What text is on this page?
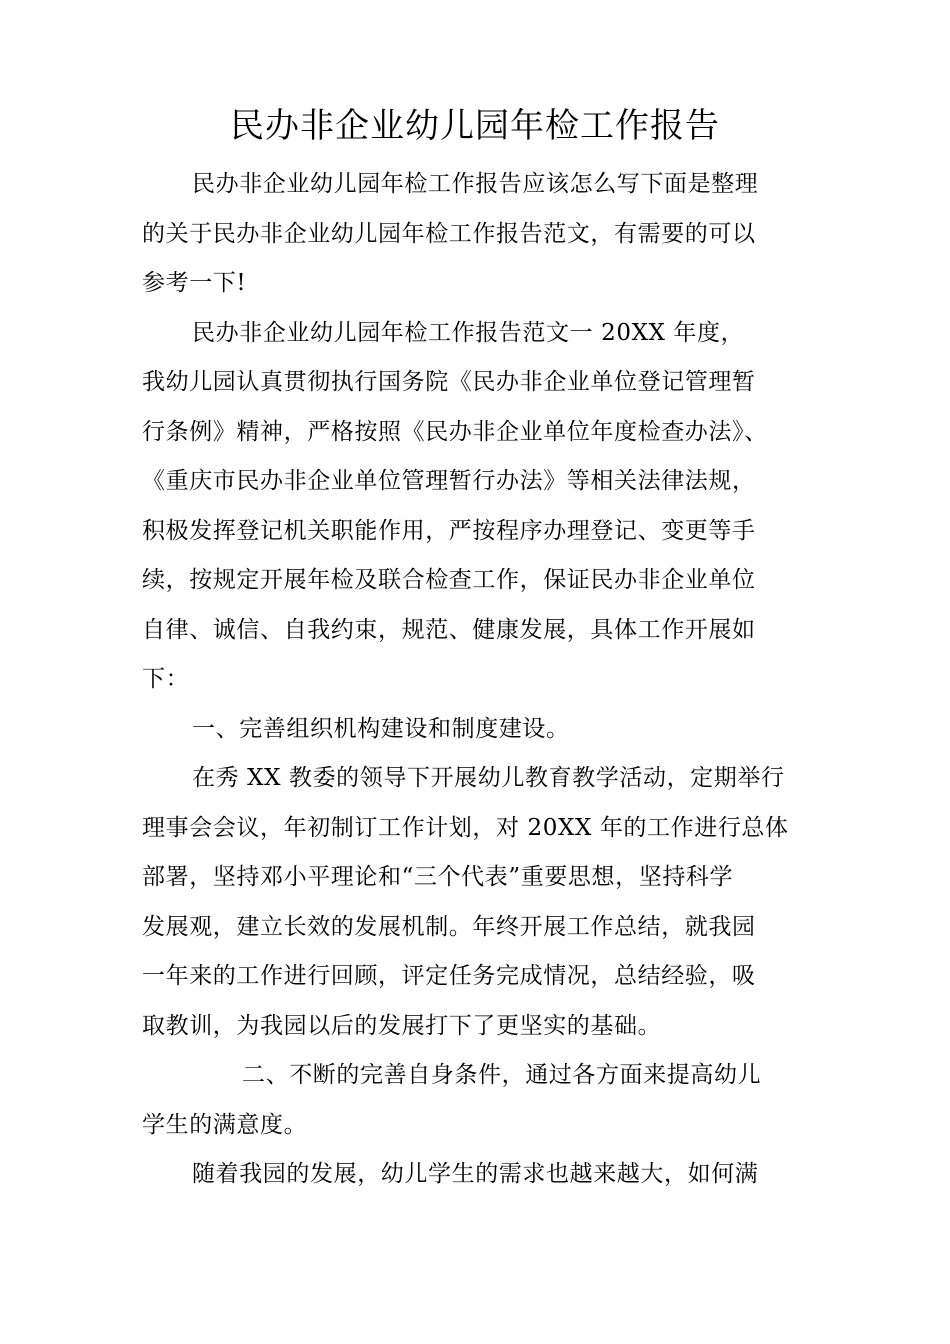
民办非企业幼儿园年检工作报告
民办非企业幼儿园年检工作报告应该怎么写下面是整理
的关于民办非企业幼儿园年检工作报告范文，有需要的可以
参考一下!
民办非企业幼儿园年检工作报告范文一 20XX 年度，
我幼儿园认真贯彻执行国务院《民办非企业单位登记管理暂
行条例》精神，严格按照《民办非企业单位年度检查办法》、
《重庆市民办非企业单位管理暂行办法》等相关法律法规，
积极发挥登记机关职能作用，严按程序办理登记、变更等手
续，按规定开展年检及联合检查工作，保证民办非企业单位
自律、诚信、自我约束，规范、健康发展，具体工作开展如
下：
一、完善组织机构建设和制度建设。
在秀 XX 教委的领导下开展幼儿教育教学活动，定期举行
理事会会议，年初制订工作计划，对 20XX 年的工作进行总体
部署，坚持邓小平理论和“三个代表”重要思想，坚持科学
发展观，建立长效的发展机制。年终开展工作总结，就我园
一年来的工作进行回顾，评定任务完成情况，总结经验，吸
取教训，为我园以后的发展打下了更坚实的基础。
二、不断的完善自身条件，通过各方面来提高幼儿
学生的满意度。
随着我园的发展，幼儿学生的需求也越来越大，如何满
